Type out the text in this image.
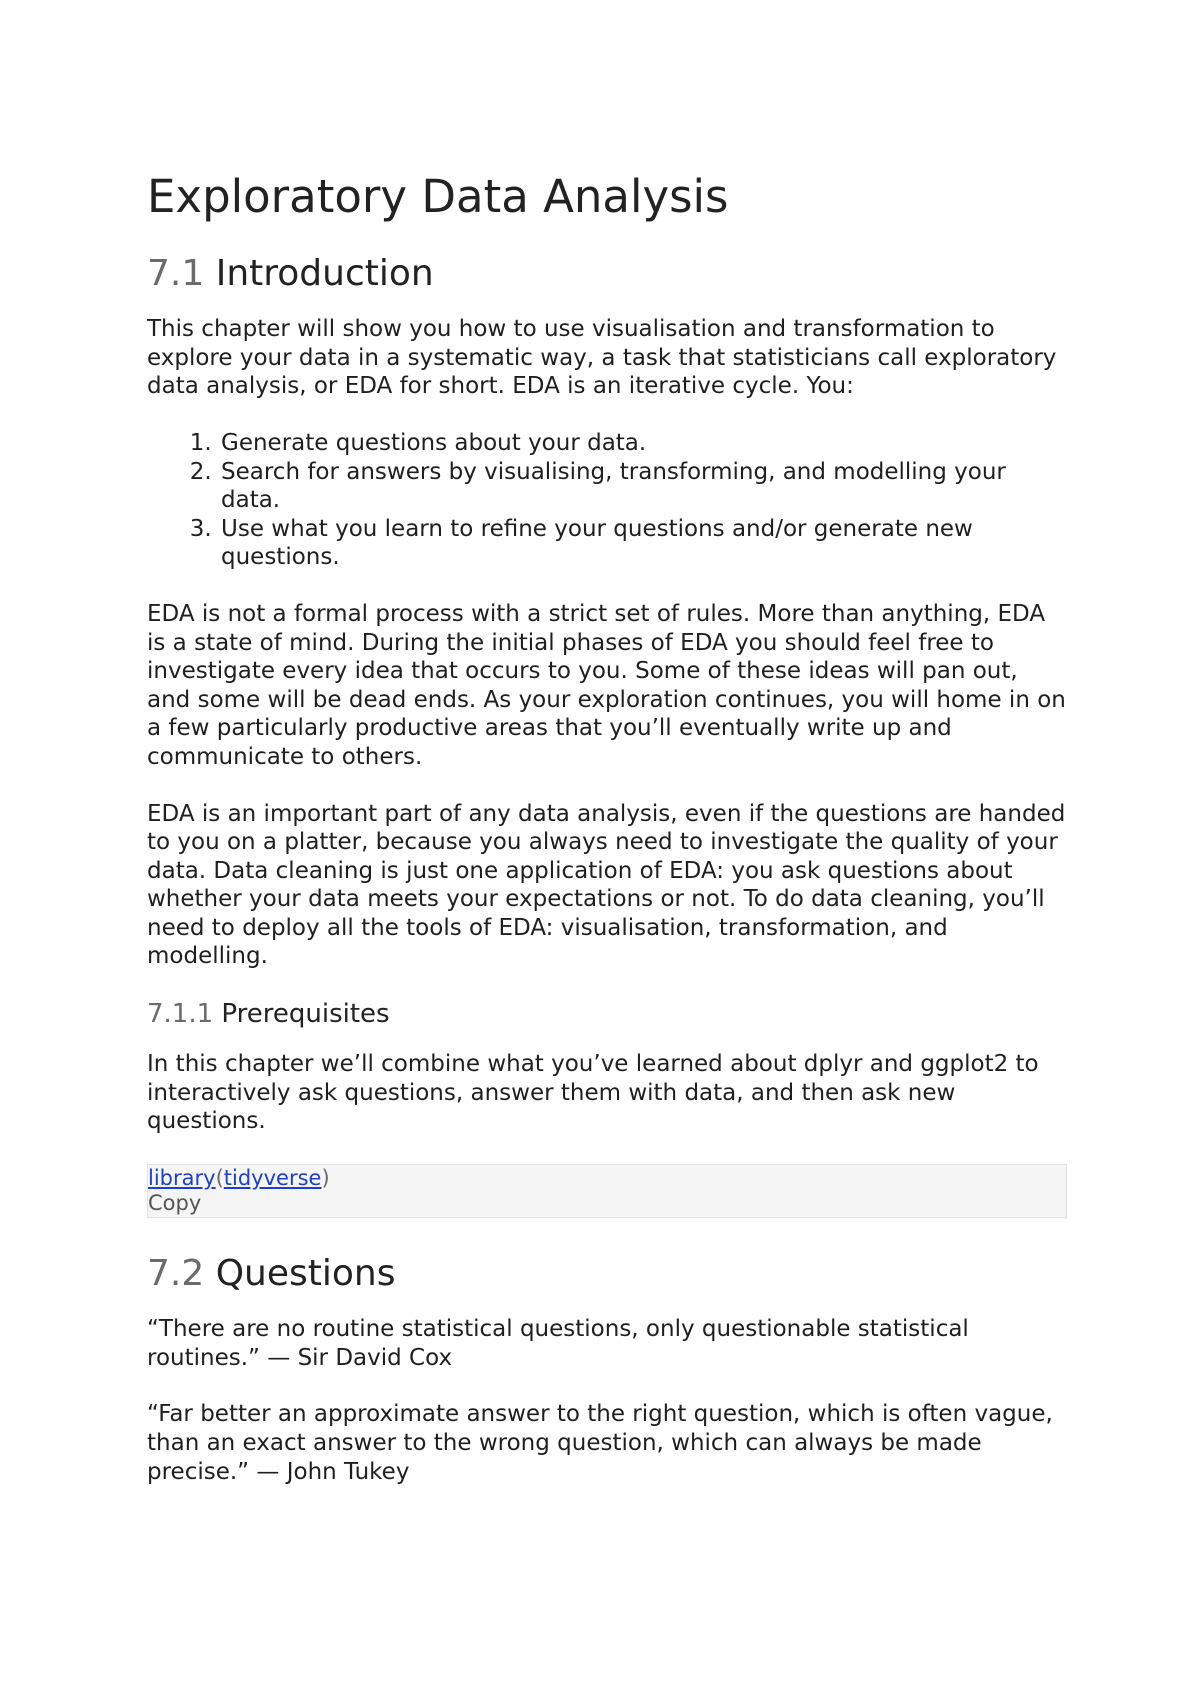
Exploratory Data Analysis
7.1 Introduction

This chapter will show you how to use visualisation and transformation to explore your data in a systematic way, a task that statisticians call exploratory data analysis, or EDA for short. EDA is an iterative cycle. You:

1. Generate questions about your data.
2. Search for answers by visualising, transforming, and modelling your data.
3. Use what you learn to refine your questions and/or generate new questions.

EDA is not a formal process with a strict set of rules. More than anything, EDA is a state of mind. During the initial phases of EDA you should feel free to investigate every idea that occurs to you. Some of these ideas will pan out, and some will be dead ends. As your exploration continues, you will home in on a few particularly productive areas that you’ll eventually write up and communicate to others.

EDA is an important part of any data analysis, even if the questions are handed to you on a platter, because you always need to investigate the quality of your data. Data cleaning is just one application of EDA: you ask questions about whether your data meets your expectations or not. To do data cleaning, you’ll need to deploy all the tools of EDA: visualisation, transformation, and modelling.

7.1.1 Prerequisites

In this chapter we’ll combine what you’ve learned about dplyr and ggplot2 to interactively ask questions, answer them with data, and then ask new questions.

library(tidyverse)
Copy
7.2 Questions

“There are no routine statistical questions, only questionable statistical routines.” — Sir David Cox

“Far better an approximate answer to the right question, which is often vague, than an exact answer to the wrong question, which can always be made precise.” — John Tukey
